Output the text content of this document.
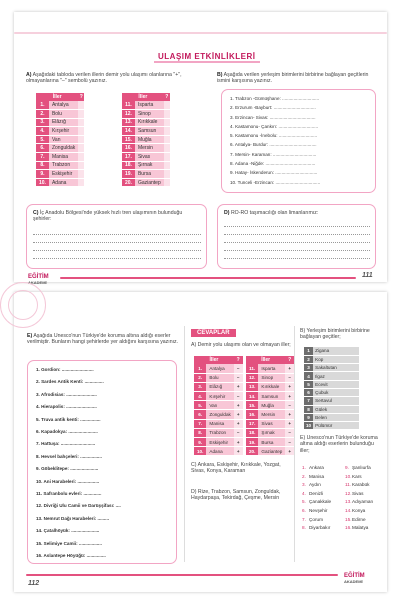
ULAŞIM ETKİNLİKLERİ
A) Aşağıdaki tabloda verilen illerin demir yolu ulaşımı olanlarına "+", olmayanlarına "–" sembolü yazınız.
İller		?
1.	Antalya	
2.	Bolu	
3.	Elâzığ	
4.	Kırşehir	
5.	Van	
6.	Zonguldak	
7.	Manisa	
8.	Trabzon	
9.	Eskişehir	
10.	Adana	
İller		?
11.	Isparta	
12.	Sinop	
13.	Kırıkkale	
14.	Samsun	
15.	Muğla	
16.	Mersin	
17.	Sivas	
18.	Şırnak	
19.	Bursa	
20.	Gaziantep	
B) Aşağıda verilen yerleşim birimlerini birbirine bağlayan geçitlerin ismini karşısına yazınız.
1. Trabzon -Gümüşhane: .............................
2. Erzurum -Bayburt: .................................
3. Erzincan- Sivas: ....................................
4. Kastamonu- Çankırı: ...............................
5. Kastamonu -İnebolu: ..............................
6. Antalya- Burdur: .....................................
7. Mersin- Karaman: ..................................
8. Adana -Niğde: .......................................
9. Hatay- İskenderun: .................................
10. Tunceli -Erzincan: ...................................
C) İç Anadolu Bölgesi'nde yüksek hızlı tren ulaşımının bulunduğu şehirler:
D) RO-RO taşımacılığı olan limanlarımız:
EĞİTİM
AKADEMİ
111
E) Aşağıda Unesco'nun Türkiye'de koruma altına aldığı eserler verilmiştir. Bunların hangi şehirlerde yer aldığını karşısına yazınız.
1. Gordion: .........................
2. Sardes Antik Kenti: ...............
3. Afrodisias: ........................
4. Hierapolis: ........................
5. Truva antik kenti: ................
6. Kapadokya: .......................
7. Hattuşa: ...........................
8. Hevsel bahçeleri: .................
9. Göbeklitepe: ......................
10. Ani Harabeleri: .................
11. Safranbolu evleri: ..............
12. Divriği Ulu Camii ve Darüşşifası: ....
13. Nemrut Dağı Harabeleri: .........
14. Çatalhöyük: ......................
15. Selimiye Camii: ..................
16. Aslantepe Höyüğü: ...............
CEVAPLAR
A) Demir yolu ulaşımı olan ve olmayan iller;
İller		?
1.	Antalya	–
2.	Bolu	–
3.	Elâzığ	+
4.	Kırşehir	–
5.	Van	+
6.	Zonguldak	+
7.	Manisa	+
8.	Trabzon	–
9.	Eskişehir	+
10.	Adana	+
İller		?
11.	Isparta	+
12.	Sinop	–
13.	Kırıkkale	+
14.	Samsun	+
15.	Muğla	–
16.	Mersin	+
17.	Sivas	+
18.	Şırnak	–
19.	Bursa	–
20.	Gaziantep	+
C) Ankara, Eskişehir, Kırıkkale, Yozgat, Sivas, Konya, Karaman
D) Rize, Trabzon, Samsun, Zonguldak, Haydarpaşa, Tekirdağ, Çeşme, Mersin
B) Yerleşim birimlerini birbirine bağlayan geçitler;
1	Zigana
2	Kop
3	Sakaltutan
4	Ilgaz
5	Ecevit
6	Çubuk
7	Sertavul
8	Gülek
9	Belen
10	Pülümür
E) Unesco'nun Türkiye'de koruma altına aldığı eserlerin bulunduğu iller;
1. Ankara
2. Manisa
3. Aydın
4. Denizli
5. Çanakkale
6. Nevşehir
7. Çorum
8. Diyarbakır
9. Şanlıurfa
10.Kars
11.Karabük
12.Sivas
13.Adıyaman
14.Konya
15.Edirne
16.Malatya
112
EĞİTİM
AKADEMİ
